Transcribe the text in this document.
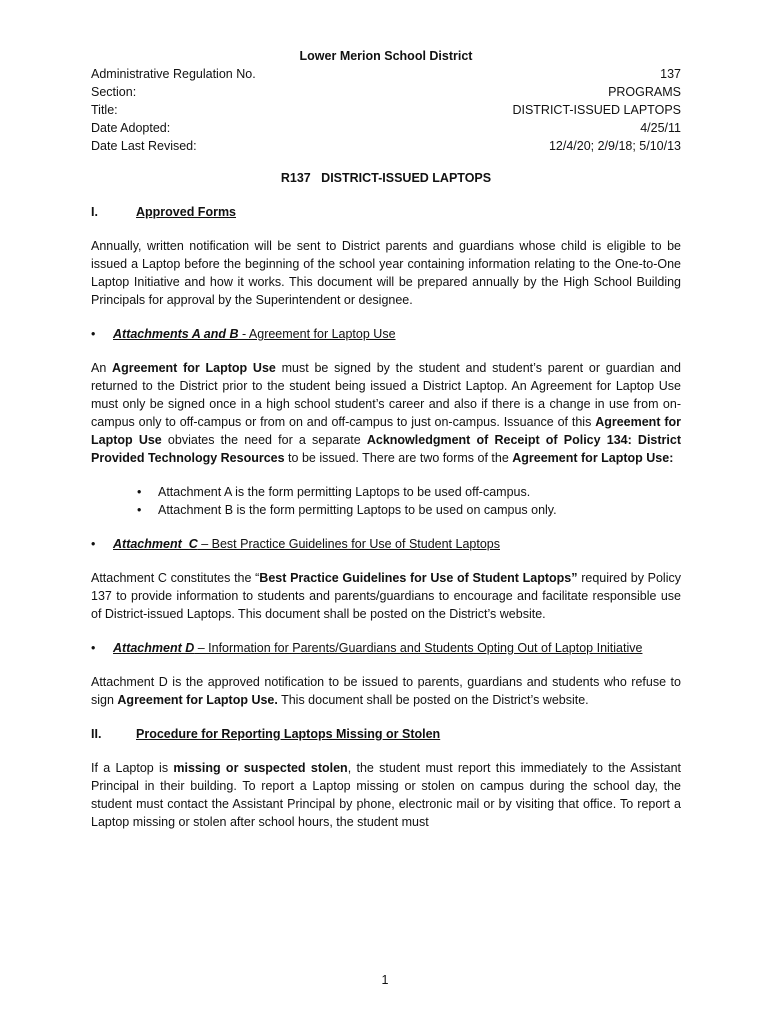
Lower Merion School District
Administrative Regulation No.	137
Section:	PROGRAMS
Title:	DISTRICT-ISSUED LAPTOPS
Date Adopted:	4/25/11
Date Last Revised:	12/4/20; 2/9/18; 5/10/13
R137   DISTRICT-ISSUED LAPTOPS
I.	Approved Forms

Annually, written notification will be sent to District parents and guardians whose child is eligible to be issued a Laptop before the beginning of the school year containing information relating to the One-to-One Laptop Initiative and how it works. This document will be prepared annually by the High School Building Principals for approval by the Superintendent or designee.

•	Attachments A and B - Agreement for Laptop Use

An Agreement for Laptop Use must be signed by the student and student’s parent or guardian and returned to the District prior to the student being issued a District Laptop. An Agreement for Laptop Use must only be signed once in a high school student’s career and also if there is a change in use from on-campus only to off-campus or from on and off-campus to just on-campus. Issuance of this Agreement for Laptop Use obviates the need for a separate Acknowledgment of Receipt of Policy 134: District Provided Technology Resources to be issued. There are two forms of the Agreement for Laptop Use:

•	Attachment A is the form permitting Laptops to be used off-campus.
•	Attachment B is the form permitting Laptops to be used on campus only.
•	Attachment  C – Best Practice Guidelines for Use of Student Laptops

Attachment C constitutes the “Best Practice Guidelines for Use of Student Laptops” required by Policy 137 to provide information to students and parents/guardians to encourage and facilitate responsible use of District-issued Laptops. This document shall be posted on the District’s website.

•	Attachment D – Information for Parents/Guardians and Students Opting Out of Laptop Initiative

Attachment D is the approved notification to be issued to parents, guardians and students who refuse to sign Agreement for Laptop Use. This document shall be posted on the District’s website.

II.	Procedure for Reporting Laptops Missing or Stolen

If a Laptop is missing or suspected stolen, the student must report this immediately to the Assistant Principal in their building. To report a Laptop missing or stolen on campus during the school day, the student must contact the Assistant Principal by phone, electronic mail or by visiting that office. To report a Laptop missing or stolen after school hours, the student must

1
